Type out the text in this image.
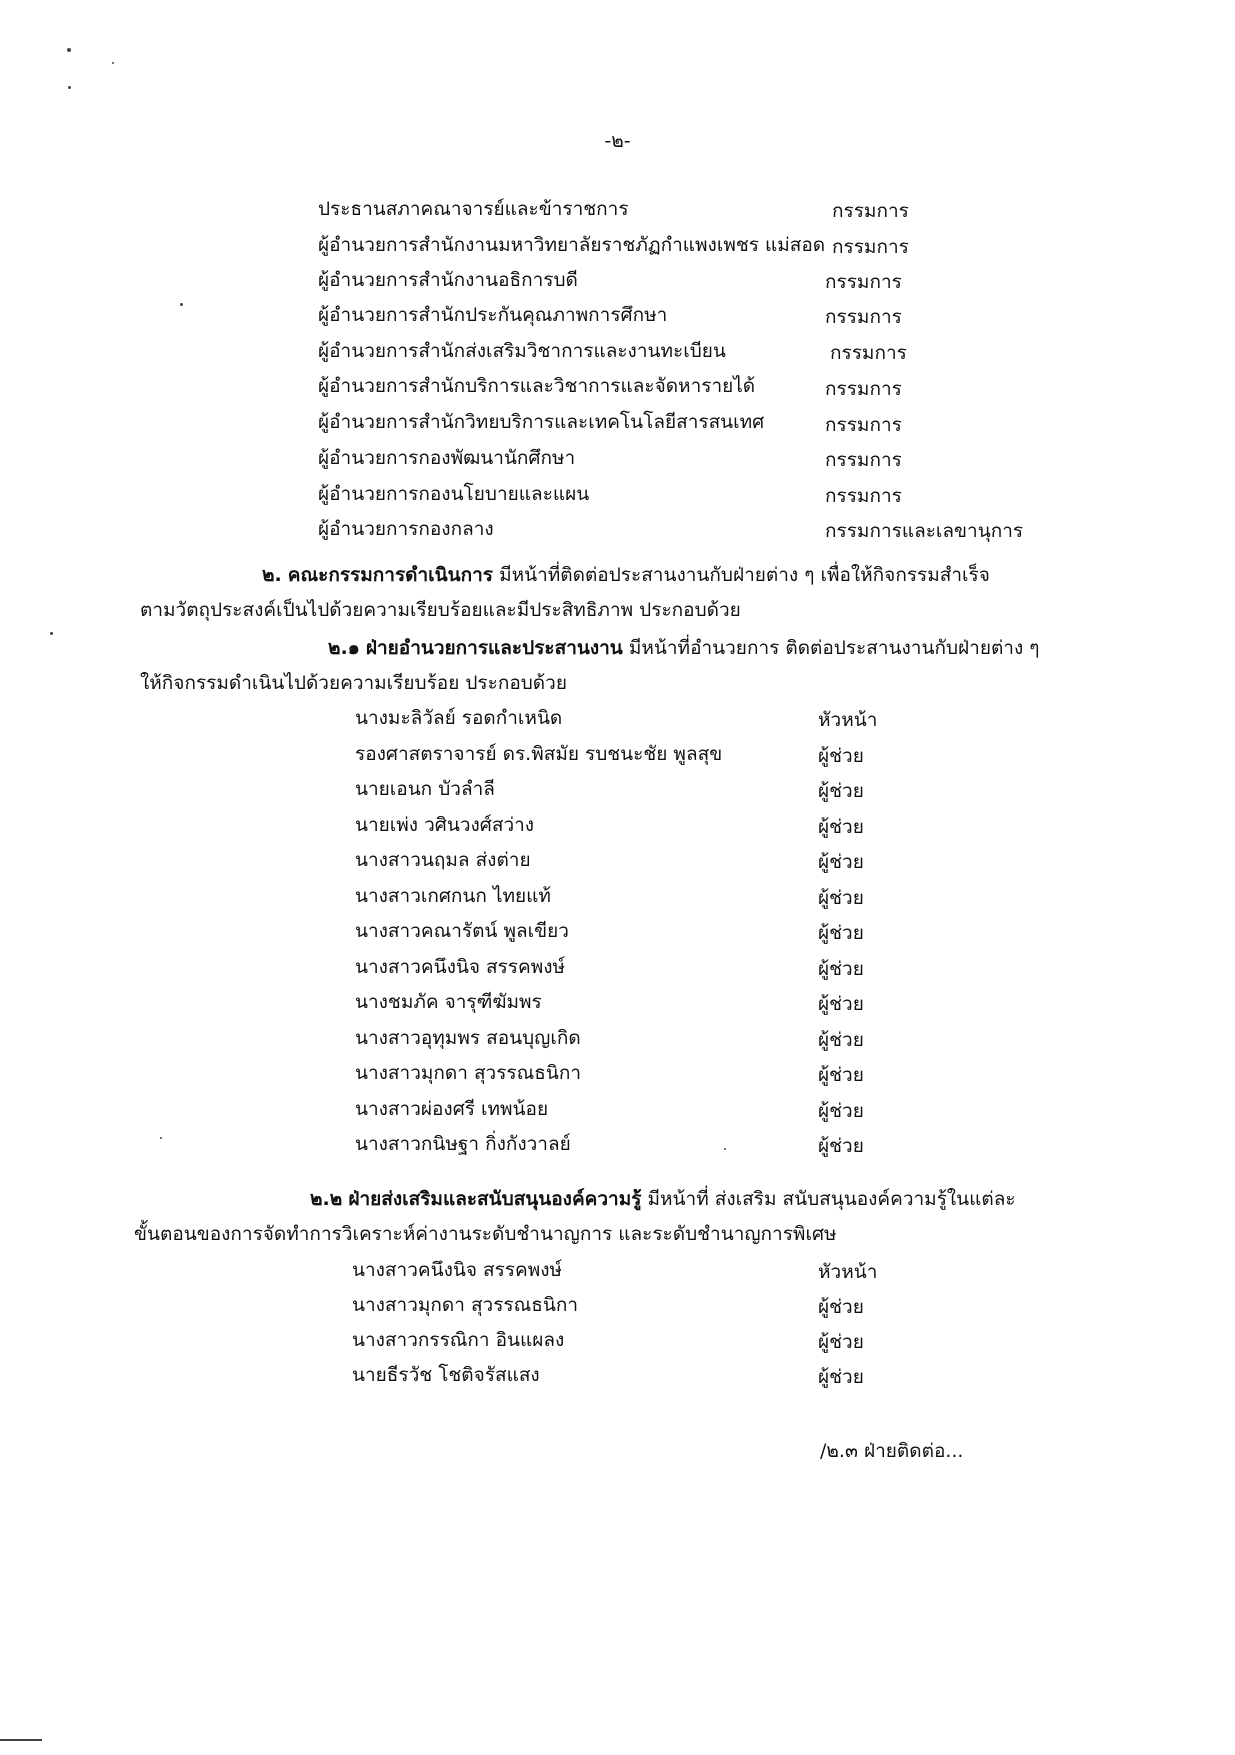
-๒-
ประธานสภาคณาจารย์และข้าราชการ	กรรมการ
ผู้อำนวยการสำนักงานมหาวิทยาลัยราชภัฏกำแพงเพชร แม่สอด กรรมการ
ผู้อำนวยการสำนักงานอธิการบดี	กรรมการ
ผู้อำนวยการสำนักประกันคุณภาพการศึกษา	กรรมการ
ผู้อำนวยการสำนักส่งเสริมวิชาการและงานทะเบียน	กรรมการ
ผู้อำนวยการสำนักบริการและวิชาการและจัดหารายได้	กรรมการ
ผู้อำนวยการสำนักวิทยบริการและเทคโนโลยีสารสนเทศ	กรรมการ
ผู้อำนวยการกองพัฒนานักศึกษา	กรรมการ
ผู้อำนวยการกองนโยบายและแผน	กรรมการ
ผู้อำนวยการกองกลาง	กรรมการและเลขานุการ
๒. คณะกรรมการดำเนินการ มีหน้าที่ติดต่อประสานงานกับฝ่ายต่าง ๆ เพื่อให้กิจกรรมสำเร็จ
ตามวัตถุประสงค์เป็นไปด้วยความเรียบร้อยและมีประสิทธิภาพ ประกอบด้วย
๒.๑ ฝ่ายอำนวยการและประสานงาน มีหน้าที่อำนวยการ ติดต่อประสานงานกับฝ่ายต่าง ๆ
ให้กิจกรรมดำเนินไปด้วยความเรียบร้อย ประกอบด้วย
นางมะลิวัลย์ รอดกำเหนิด	หัวหน้า
รองศาสตราจารย์ ดร.พิสมัย รบชนะชัย พูลสุข	ผู้ช่วย
นายเอนก บัวลำลี	ผู้ช่วย
นายเพ่ง วศินวงศ์สว่าง	ผู้ช่วย
นางสาวนฤมล ส่งต่าย	ผู้ช่วย
นางสาวเกศกนก ไทยแท้	ผู้ช่วย
นางสาวคณารัตน์ พูลเขียว	ผู้ช่วย
นางสาวคนึงนิจ สรรคพงษ์	ผู้ช่วย
นางชมภัค จารุฑีฆัมพร	ผู้ช่วย
นางสาวอุทุมพร สอนบุญเกิด	ผู้ช่วย
นางสาวมุกดา สุวรรณธนิกา	ผู้ช่วย
นางสาวผ่องศรี เทพน้อย	ผู้ช่วย
นางสาวกนิษฐา กิ่งกังวาลย์	ผู้ช่วย
๒.๒ ฝ่ายส่งเสริมและสนับสนุนองค์ความรู้ มีหน้าที่ ส่งเสริม สนับสนุนองค์ความรู้ในแต่ละ
ขั้นตอนของการจัดทำการวิเคราะห์ค่างานระดับชำนาญการ และระดับชำนาญการพิเศษ
นางสาวคนึงนิจ สรรคพงษ์	หัวหน้า
นางสาวมุกดา สุวรรณธนิกา	ผู้ช่วย
นางสาวกรรณิกา อินแผลง	ผู้ช่วย
นายธีรวัช โชติจรัสแสง	ผู้ช่วย
/๒.๓ ฝ่ายติดต่อ...
